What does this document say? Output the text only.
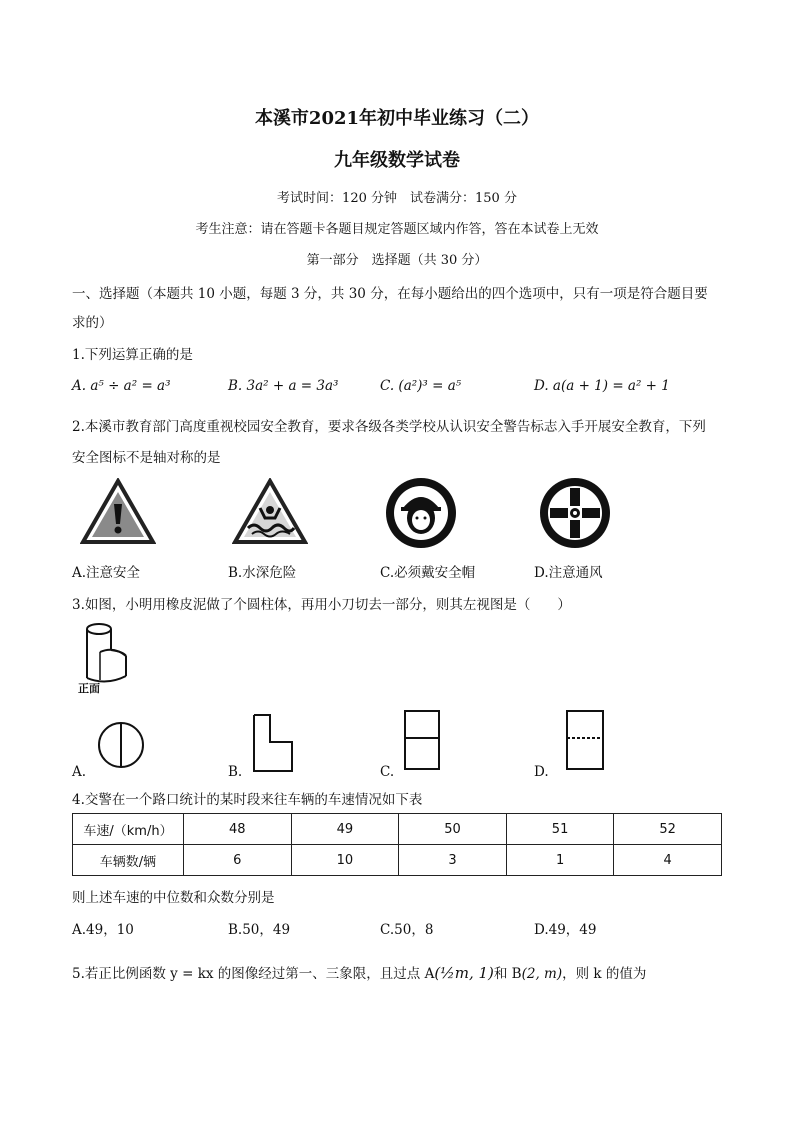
本溪市2021年初中毕业练习（二）
九年级数学试卷
考试时间：120 分钟　试卷满分：150 分
考生注意：请在答题卡各题目规定答题区域内作答，答在本试卷上无效
第一部分　选择题（共 30 分）
一、选择题（本题共 10 小题，每题 3 分，共 30 分，在每小题给出的四个选项中，只有一项是符合题目要
求的）
1.下列运算正确的是
A. a⁵ ÷ a² = a³	B. 3a² + a = 3a³	C. (a²)³ = a⁵	D. a(a + 1) = a² + 1
2.本溪市教育部门高度重视校园安全教育，要求各级各类学校从认识安全警告标志入手开展安全教育，下列
安全图标不是轴对称的是
A.注意安全	B.水深危险	C.必须戴安全帽	D.注意通风
3.如图，小明用橡皮泥做了个圆柱体，再用小刀切去一部分，则其左视图是（　　）
正面
A.	B.	C.	D.
4.交警在一个路口统计的某时段来往车辆的车速情况如下表
车速/（km/h）	48	49	50	51	52
车辆数/辆	6	10	3	1	4
则上述车速的中位数和众数分别是
A.49，10	B.50，49	C.50，8	D.49，49
5.若正比例函数 y = kx 的图像经过第一、三象限，且过点 A(½m, 1)和 B(2, m)，则 k 的值为
